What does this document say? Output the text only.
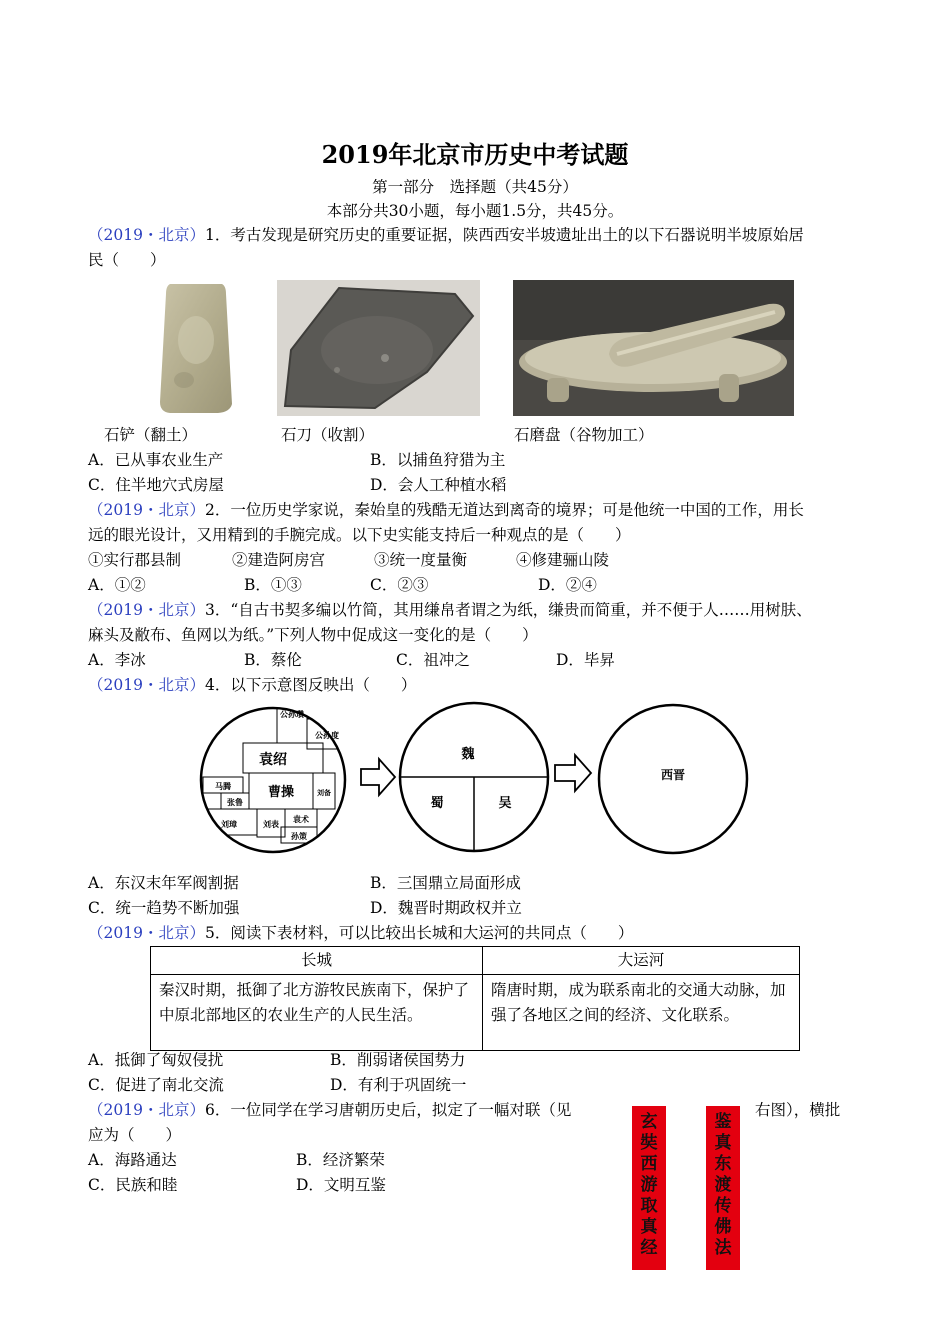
2019年北京市历史中考试题
第一部分　选择题（共45分）
本部分共30小题，每小题1.5分，共45分。
（2019・北京）1．考古发现是研究历史的重要证据，陕西西安半坡遗址出土的以下石器说明半坡原始居
民（　　）
石铲（翻土）	石刀（收割）	石磨盘（谷物加工）
A．已从事农业生产	B．以捕鱼狩猎为主
C．住半地穴式房屋	D．会人工种植水稻
（2019・北京）2．一位历史学家说，秦始皇的残酷无道达到离奇的境界；可是他统一中国的工作，用长
远的眼光设计，又用精到的手腕完成。以下史实能支持后一种观点的是（　　）
①实行郡县制	②建造阿房宫	③统一度量衡	④修建骊山陵
A．①②	B．①③	C．②③	D．②④
（2019・北京）3．“自古书契多编以竹简，其用缣帛者谓之为纸，缣贵而简重，并不便于人……用树肤、
麻头及敝布、鱼网以为纸。”下列人物中促成这一变化的是（　　）
A．李冰	B．蔡伦	C．祖冲之	D．毕昇
（2019・北京）4．以下示意图反映出（　　）
公孙瓒
公孙度
袁绍
马腾
张鲁
曹操	刘备
刘璋	刘表 袁术
孙策
魏
蜀	吴
西晋
A．东汉末年军阀割据	B．三国鼎立局面形成
C．统一趋势不断加强	D．魏晋时期政权并立
（2019・北京）5．阅读下表材料，可以比较出长城和大运河的共同点（　　）
长城	大运河
秦汉时期，抵御了北方游牧民族南下，保护了中原北部地区的农业生产的人民生活。	隋唐时期，成为联系南北的交通大动脉，加强了各地区之间的经济、文化联系。
A．抵御了匈奴侵扰	B．削弱诸侯国势力
C．促进了南北交流	D．有利于巩固统一
（2019・北京）6．一位同学在学习唐朝历史后，拟定了一幅对联（见	右图），横批
应为（　　）
A．海路通达	B．经济繁荣
C．民族和睦	D．文明互鉴
玄
奘
西
游
取
真
经
鉴
真
东
渡
传
佛
法
